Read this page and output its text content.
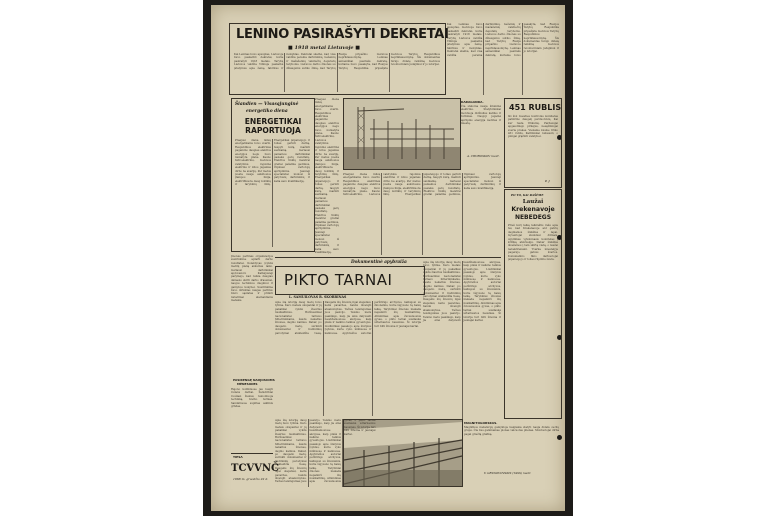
LENINO PASIRAŠYTI DEKRETAI
■ 1918 metai Lietuvoje ■
Kai Leninas buvo apsuptas, Lietuvoje buvo paskelbti dekretai, kurie pasirašyti 1918 metais. Tarybų Lietuvos valdžia Vilniuje paskelbė įstatymus apie žemę, fabrikus ir mokyklas. Dekretai skelbė, kad visa valdžia pereina darbininkų, bežemių ir mažažemių valstiečių deputatų taryboms. Lietuvos darbo žmonės su džiaugsmu sutiko žinią, kad Tarybų Rusija pripažino Lietuvos nepriklausomybę. Leninas asmeniškai pasirašė dekretą, kuriame buvo pasakyta, kad Rusijos Tarybų Respublika pripažįsta Lietuvos Tarybų Respublikos nepriklausomybę. Šis dokumentas turėjo didelę reikšmę Lietuvos revoliuciniam judėjimui ir jo istorijai.
Kai Leninas buvo apsuptas, Lietuvoje buvo paskelbti dekretai, kurie pasirašyti 1918 metais. Tarybų Lietuvos valdžia Vilniuje paskelbė įstatymus apie žemę, fabrikus ir mokyklas. Dekretai skelbė, kad visa valdžia pereina darbininkų, bežemių ir mažažemių valstiečių deputatų taryboms. Lietuvos darbo žmonės su džiaugsmu sutiko žinią, kad Tarybų Rusija pripažino Lietuvos nepriklausomybę. Leninas asmeniškai pasirašė dekretą, kuriame buvo pasakyta, kad Rusijos Tarybų Respublika pripažįsta Lietuvos Tarybų Respublikos nepriklausomybę. Šis dokumentas turėjo didelę reikšmę Lietuvos revoliuciniam judėjimui ir jo istorijai.
Šiandien — Visasąjunginė
energetiko diena
ENERGETIKAI RAPORTUOJA
Praėjusi diena mūsų energetikams buvo svarbi. Respublikos elektrinės pagamino daugiau elektros energijos negu buvo numatyta plane. Kauno hidroelektrinė, Lietuvos valstybinė rajoninė elektrinė ir kitos jėgainės dirbo be avarijų. Per metus įvesta nauja aukštosios įtampos linija, elektrifikuota daug kolūkių ir tarybinių ūkių. Energetikai įsipareigojo ir toliau gerinti darbą, taupyti kurą, mažinti savikainą. Geriausi pamainos darbininkai pasiekė gerų rezultatų. Elektros tinklų meistrai greitai pašalina gedimus, rūpinasi vartotojų aprūpinimu. Jaunieji specialistai mokosi iš patyrusių darbininkų ir kelia savo kvalifikaciją.
Praėjusi diena mūsų energetikams buvo svarbi. Respublikos elektrinės pagamino daugiau elektros energijos negu buvo numatyta plane. Kauno hidroelektrinė, Lietuvos valstybinė rajoninė elektrinė ir kitos jėgainės dirbo be avarijų. Per metus įvesta nauja aukštosios įtampos linija, elektrifikuota daug kolūkių ir tarybinių ūkių. Energetikai įsipareigojo ir toliau gerinti darbą, taupyti kurą, mažinti savikainą. Geriausi pamainos darbininkai pasiekė gerų rezultatų. Elektros tinklų meistrai greitai pašalina gedimus, rūpinasi vartotojų aprūpinimu. Jaunieji specialistai mokosi iš patyrusių darbininkų ir kelia savo kvalifikaciją.
KARAGANDA.
Čia statoma nauja šiluminė elektrinė. Statybininkai montuoja didžiulius katilus ir turbinas. Naujoji jėgainė aprūpins energija šachtas ir miestą.
A. CHOROSKOV nuotr.
Praėjusi diena mūsų energetikams buvo svarbi. Respublikos elektrinės pagamino daugiau elektros energijos negu buvo numatyta plane. Kauno hidroelektrinė, Lietuvos valstybinė rajoninė elektrinė ir kitos jėgainės dirbo be avarijų. Per metus įvesta nauja aukštosios įtampos linija, elektrifikuota daug kolūkių ir tarybinių ūkių. Energetikai įsipareigojo ir toliau gerinti darbą, taupyti kurą, mažinti savikainą. Geriausi pamainos darbininkai pasiekė gerų rezultatų. Elektros tinklų meistrai greitai pašalina gedimus, rūpinasi vartotojų aprūpinimu. Jaunieji specialistai mokosi iš patyrusių darbininkų ir kelia savo kvalifikaciją.
451 RUBLIS
Iki šiol Liaudies kontrolės komitetas patikrino daugelį parduotuvių. Kai kur rasta trūkumų. Pardavėjai apgaudinėjo pirkėjus, nesąžiningai sveria prekes. Viename kioske trūko 451 rublis. Kaltininkai nubausti, o pinigai grąžinti valstybei.
P. J.
PO TO, KAI RAŠĖME
Laužai
Krekenavoje
NEBEDEGS
Prieš kurį laiką laikraštis rašė apie tai, kad Krekenavoje ant gatvių deginamos šiukšlės ir lapai. Gyventojai skundėsi dūmais. Apylinkės vykdomasis komitetas į kritiką atsižvelgė. Dabar šiukšlės išvežamos į tam skirtą vietą, o laužai nebekūrenami. Tvarka miestelyje pagerėjo, gatvės švarios. Komunalinio ūkio darbuotojai įsipareigojo ir toliau rūpintis švara.
Dokumentinė apybraiža
PIKTO TARNAI
L. SAMUILOVAS R. SKORBINAS
Apie šią istoriją daug metų buvo tylima. Karo metais okupantai ir jų pakalikai vykdė žiaurius nusikaltimus. Buržuaziniai nacionalistai tarnavo hitlerininkams, šaudė nekaltus žmones, degino kaimus. Dabar, po daugelio metų, surinkti dokumentai ir liudininkų parodymai atskleidžia tiesą. Daugelis šių žmonių ilgai slapstėsi, keitė pavardes, bandė išvengti atsakomybės. Tačiau teisingumas juos pasivijo. Teismo metu paaiškėjo, kaip jie ėmė dalyvauti baudžiamosiose akcijose, kaip plėšė ir naikino taikius gyventojus. Liudininkai pasakojo apie šiurpius įvykius, kurie vyko miškuose ir kaimuose. Apybraižos autoriai peržiūrėjo archyvus, kalbėjosi su žmonėmis, kurie išgyveno tą baisų laiką. Tarybiniai žmonės niekada nepamirš šių nusikaltimų. Atminimas apie žuvusiuosius gyvas, o pikto tarnai susilaukė užtarnautos bausmės. Ši istorija turi būti žinoma ir jaunajai kartai.
Apie šią istoriją daug metų buvo tylima. Karo metais okupantai ir jų pakalikai vykdė žiaurius nusikaltimus. Buržuaziniai nacionalistai tarnavo hitlerininkams, šaudė nekaltus žmones, degino kaimus. Dabar, po daugelio metų, surinkti dokumentai ir liudininkų parodymai atskleidžia tiesą. Daugelis šių žmonių ilgai slapstėsi, keitė pavardes, bandė išvengti atsakomybės. Tačiau teisingumas juos pasivijo. Teismo metu paaiškėjo, kaip jie ėmė dalyvauti baudžiamosiose akcijose, kaip plėšė ir naikino taikius gyventojus. Liudininkai pasakojo apie šiurpius įvykius, kurie vyko miškuose ir kaimuose. Apybraižos autoriai peržiūrėjo archyvus, kalbėjosi su žmonėmis, kurie išgyveno tą baisų laiką. Tarybiniai žmonės niekada nepamirš šių nusikaltimų. Atminimas apie žuvusiuosius gyvas, o pikto tarnai susilaukė užtarnautos bausmės. Ši istorija turi būti žinoma ir jaunajai kartai.
Įmonės partinės organizacijos susirinkime aptarti darbo rezultatai. Kolektyvas įvykdė metinį planą anksčiau laiko. Geriausi darbininkai apdovanoti. Kalbėjusieji pažymėjo, kad reikia daugiau dėmesio skirti darbo drausmei, naujos technikos diegimui ir gamybos kokybei. Susirinkime buvo išrinktas naujas partinio biuro sąstatas ir priimti nutarimai ateinantiems metams.
PASIRENGĘ NAUJOSIOMS
MĖNESIOMS
Rajono kolūkiuose jau baigti rudens darbai. Žemdirbiai ruošiasi žiemai, remontuoja techniką, tvarko fermas. Sandėliuose supiltas sėklinis grūdas.
MAGNITOGORSKAS.
Magnitkos metalurgų gamykloje baigiama statyti nauja didelė cechų grupė. Čia bus gaminamas plonas valcuotas plienas. Montuotojai dirba pagal griežtą grafiką.
V. GRUSOVOVSKIS (TASS) nuotr.
Apie šią istoriją daug metų buvo tylima. Karo metais okupantai ir jų pakalikai vykdė žiaurius nusikaltimus. Buržuaziniai nacionalistai tarnavo hitlerininkams, šaudė nekaltus žmones, degino kaimus. Dabar, po daugelio metų, surinkti dokumentai ir liudininkų parodymai atskleidžia tiesą. Daugelis šių žmonių ilgai slapstėsi, keitė pavardes, bandė išvengti atsakomybės. Tačiau teisingumas juos pasivijo. Teismo metu paaiškėjo, kaip jie ėmė dalyvauti baudžiamosiose akcijose, kaip plėšė ir naikino taikius gyventojus. Liudininkai pasakojo apie šiurpius įvykius, kurie vyko miškuose ir kaimuose. Apybraižos autoriai peržiūrėjo archyvus, kalbėjosi su žmonėmis, kurie išgyveno tą baisų laiką. Tarybiniai žmonės niekada nepamirš šių nusikaltimų. Atminimas apie žuvusiuosius
TIESA
TCVVNČ
1968 m. gruodžio 22 d.
